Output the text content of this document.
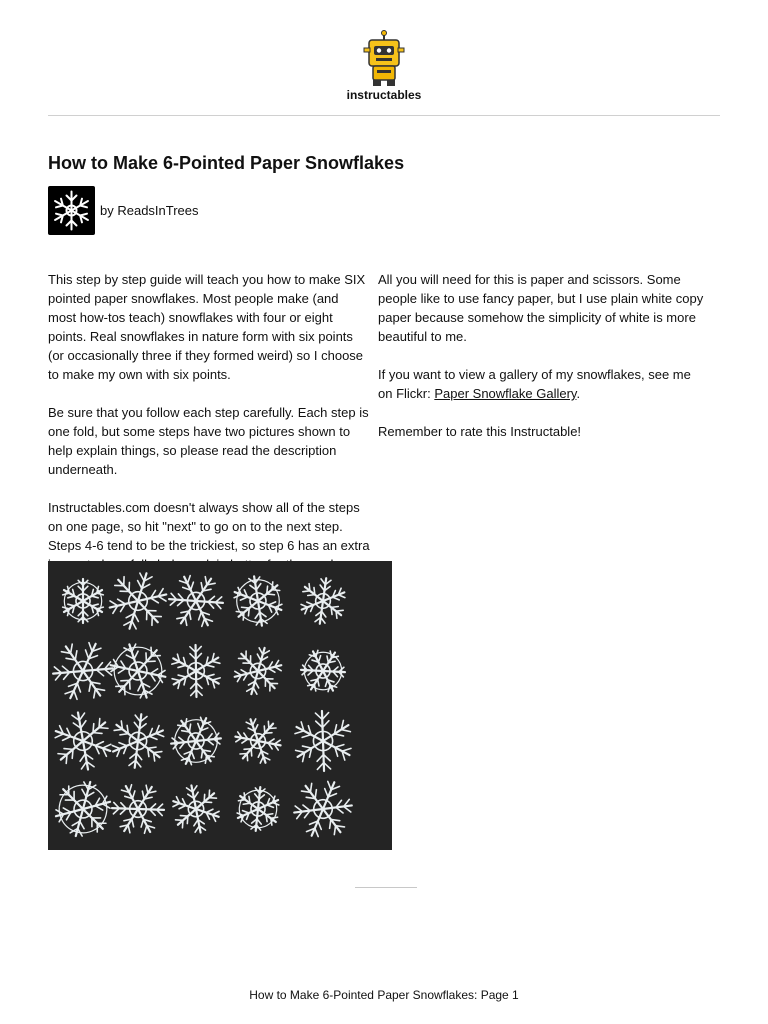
instructables
How to Make 6-Pointed Paper Snowflakes
by ReadsInTrees

This step by step guide will teach you how to make SIX pointed paper snowflakes. Most people make (and most how-tos teach) snowflakes with four or eight points. Real snowflakes in nature form with six points (or occasionally three if they formed weird) so I choose to make my own with six points.

Be sure that you follow each step carefully. Each step is one fold, but some steps have two pictures shown to help explain things, so please read the description underneath.

Instructables.com doesn't always show all of the steps on one page, so hit "next" to go on to the next step. Steps 4-6 tend to be the trickiest, so step 6 has an extra

All you will need for this is paper and scissors. Some people like to use fancy paper, but I use plain white copy paper because somehow the simplicity of white is more beautiful to me.

If you want to view a gallery of my snowflakes, see me on Flickr: Paper Snowflake Gallery.

Remember to rate this Instructable!

How to Make 6-Pointed Paper Snowflakes: Page 1
